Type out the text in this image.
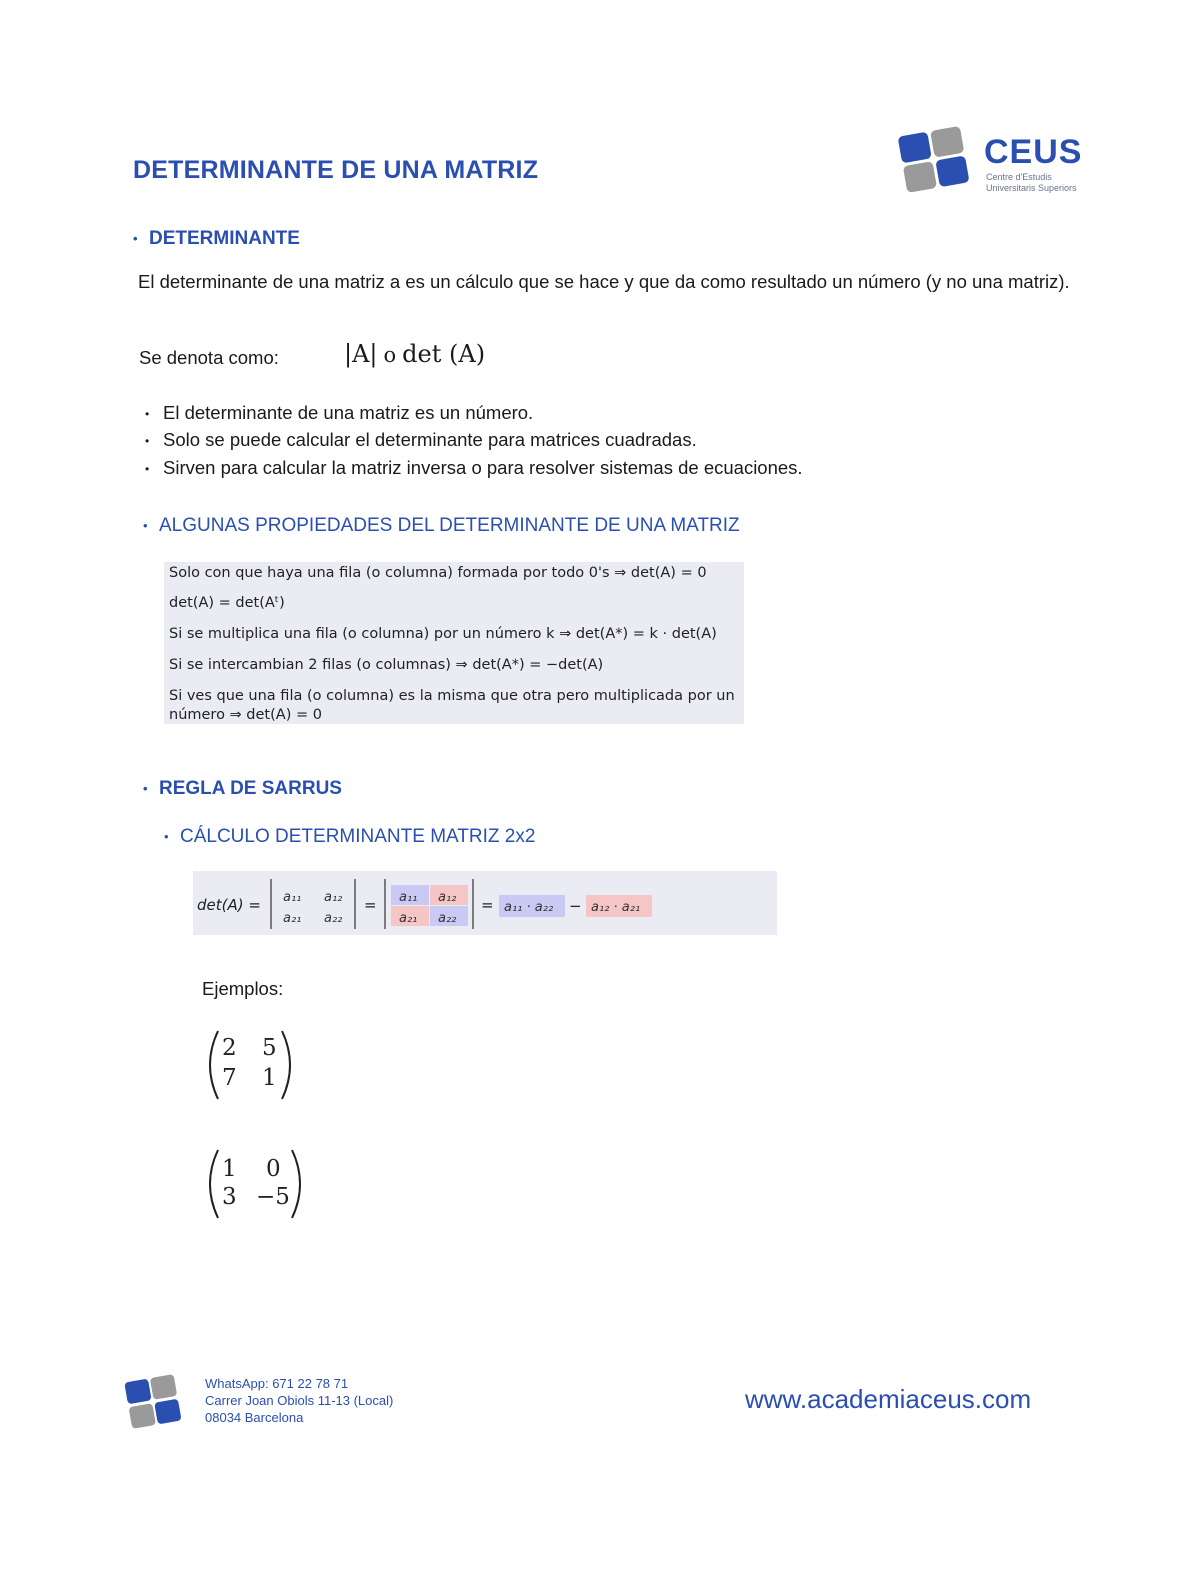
DETERMINANTE DE UNA MATRIZ	CEUS
Centre d'Estudis
Universitaris Superiors
• DETERMINANTE
El determinante de una matriz a es un cálculo que se hace y que da como resultado un número (y no una matriz).
Se denota como:	|A| o det (A)
• El determinante de una matriz es un número.
• Solo se puede calcular el determinante para matrices cuadradas.
• Sirven para calcular la matriz inversa o para resolver sistemas de ecuaciones.
• ALGUNAS PROPIEDADES DEL DETERMINANTE DE UNA MATRIZ
Solo con que haya una fila (o columna) formada por todo 0's ⇒ det(A) = 0
det(A) = det(Aᵗ)
Si se multiplica una fila (o columna) por un número k ⇒ det(A*) = k · det(A)
Si se intercambian 2 filas (o columnas) ⇒ det(A*) = −det(A)
Si ves que una fila (o columna) es la misma que otra pero multiplicada por un
número ⇒ det(A) = 0
• REGLA DE SARRUS
• CÁLCULO DETERMINANTE MATRIZ 2x2
det(A) = a₁₁ a₁₂
a₂₁ a₂₂
= a₁₁ a₁₂
a₂₁ a₂₂
= a₁₁ · a₂₂ − a₁₂ · a₂₁
Ejemplos:
2 5
7 1
1 0
3 −5
WhatsApp: 671 22 78 71
Carrer Joan Obiols 11-13 (Local)
08034 Barcelona
www.academiaceus.com
